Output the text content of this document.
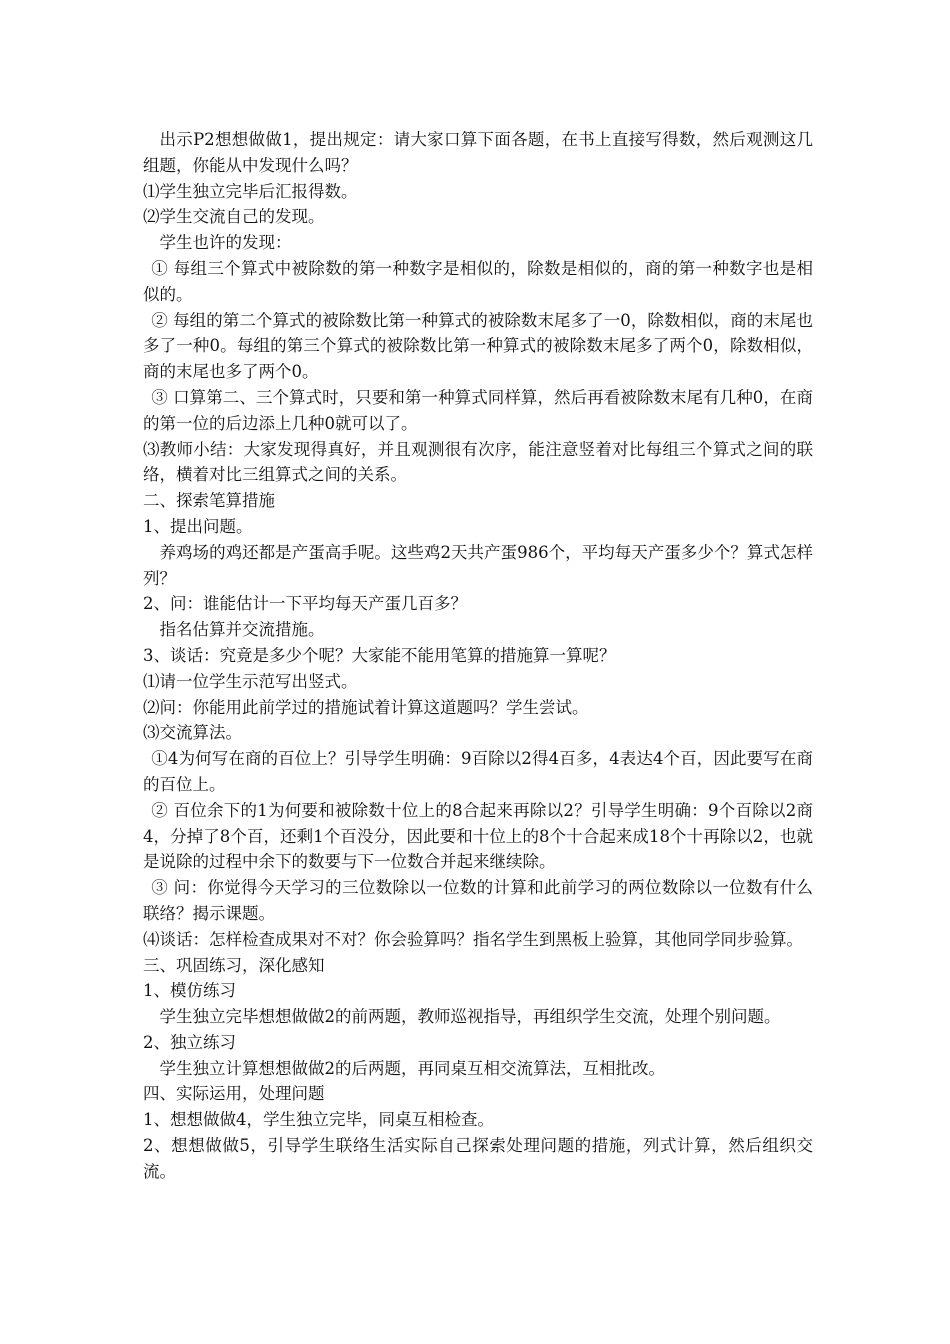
出示P2想想做做1，提出规定：请大家口算下面各题，在书上直接写得数，然后观测这几组题，你能从中发现什么吗？

⑴学生独立完毕后汇报得数。

⑵学生交流自己的发现。

学生也许的发现：

① 每组三个算式中被除数的第一种数字是相似的，除数是相似的，商的第一种数字也是相似的。

② 每组的第二个算式的被除数比第一种算式的被除数末尾多了一0，除数相似，商的末尾也多了一种0。每组的第三个算式的被除数比第一种算式的被除数末尾多了两个0，除数相似，商的末尾也多了两个0。

③ 口算第二、三个算式时，只要和第一种算式同样算，然后再看被除数末尾有几种0，在商的第一位的后边添上几种0就可以了。

⑶教师小结：大家发现得真好，并且观测很有次序，能注意竖着对比每组三个算式之间的联络，横着对比三组算式之间的关系。

二、探索笔算措施

1、提出问题。

养鸡场的鸡还都是产蛋高手呢。这些鸡2天共产蛋986个，平均每天产蛋多少个？算式怎样列？

2、问：谁能估计一下平均每天产蛋几百多？

指名估算并交流措施。

3、谈话：究竟是多少个呢？大家能不能用笔算的措施算一算呢？

⑴请一位学生示范写出竖式。

⑵问：你能用此前学过的措施试着计算这道题吗？学生尝试。

⑶交流算法。

①4为何写在商的百位上？引导学生明确：9百除以2得4百多，4表达4个百，因此要写在商的百位上。

② 百位余下的1为何要和被除数十位上的8合起来再除以2？引导学生明确：9个百除以2商4，分掉了8个百，还剩1个百没分，因此要和十位上的8个十合起来成18个十再除以2，也就是说除的过程中余下的数要与下一位数合并起来继续除。

③ 问：你觉得今天学习的三位数除以一位数的计算和此前学习的两位数除以一位数有什么联络？揭示课题。

⑷谈话：怎样检查成果对不对？你会验算吗？指名学生到黑板上验算，其他同学同步验算。

三、巩固练习，深化感知

1、模仿练习

学生独立完毕想想做做2的前两题，教师巡视指导，再组织学生交流，处理个别问题。

2、独立练习

学生独立计算想想做做2的后两题，再同桌互相交流算法，互相批改。

四、实际运用，处理问题

1、想想做做4，学生独立完毕，同桌互相检查。

2、想想做做5，引导学生联络生活实际自己探索处理问题的措施，列式计算，然后组织交流。
